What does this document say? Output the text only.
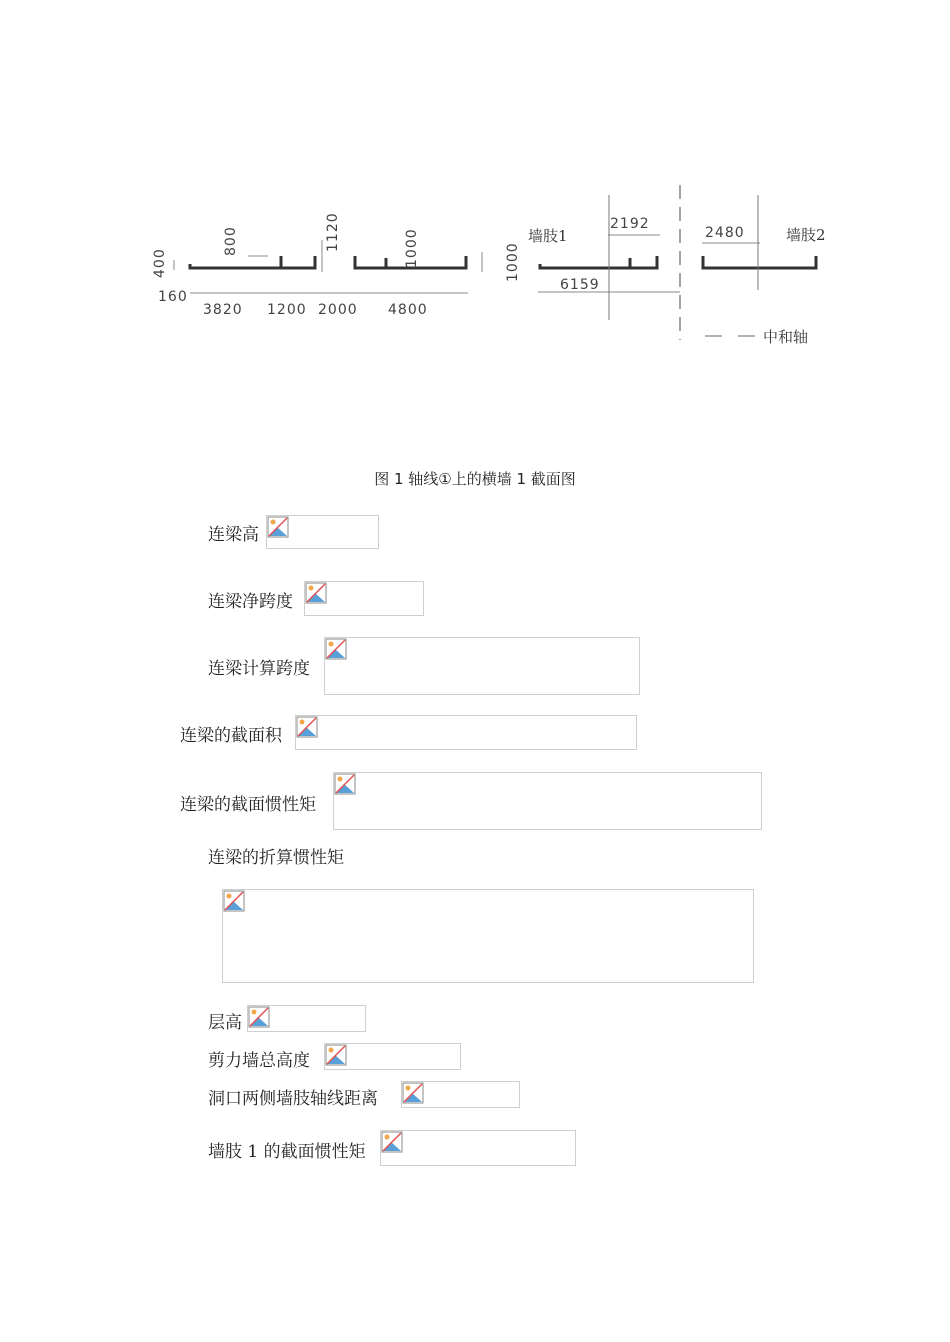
400
160
800	1120	1000	1000
3820 1200 2000 4800
2192
2480
6159
墙肢1	墙肢2
中和轴
图 1 轴线①上的横墙 1 截面图
连梁高
连梁净跨度
连梁计算跨度
连梁的截面积
连梁的截面惯性矩
连梁的折算惯性矩
层高
剪力墙总高度
洞口两侧墙肢轴线距离
墙肢 1 的截面惯性矩
